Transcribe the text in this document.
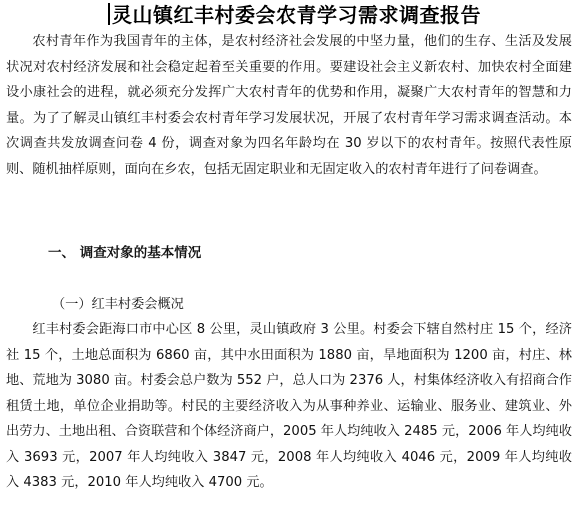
灵山镇红丰村委会农青学习需求调查报告

农村青年作为我国青年的主体，是农村经济社会发展的中坚力量，他们的生存、生活及发展状况对农村经济发展和社会稳定起着至关重要的作用。要建设社会主义新农村、加快农村全面建设小康社会的进程，就必须充分发挥广大农村青年的优势和作用，凝聚广大农村青年的智慧和力量。为了了解灵山镇红丰村委会农村青年学习发展状况，开展了农村青年学习需求调查活动。本次调查共发放调查问卷 4 份，调查对象为四名年龄均在 30 岁以下的农村青年。按照代表性原则、随机抽样原则，面向在乡农，包括无固定职业和无固定收入的农村青年进行了问卷调查。

一、 调查对象的基本情况
（一）红丰村委会概况

红丰村委会距海口市中心区 8 公里，灵山镇政府 3 公里。村委会下辖自然村庄 15 个，经济社 15 个，土地总面积为 6860 亩，其中水田面积为 1880 亩，旱地面积为 1200 亩，村庄、林地、荒地为 3080 亩。村委会总户数为 552 户，总人口为 2376 人，村集体经济收入有招商合作租赁土地，单位企业捐助等。村民的主要经济收入为从事种养业、运输业、服务业、建筑业、外出劳力、土地出租、合资联营和个体经济商户，2005 年人均纯收入 2485 元，2006 年人均纯收入 3693 元，2007 年人均纯收入 3847 元，2008 年人均纯收入 4046 元，2009 年人均纯收入 4383 元，2010 年人均纯收入 4700 元。
